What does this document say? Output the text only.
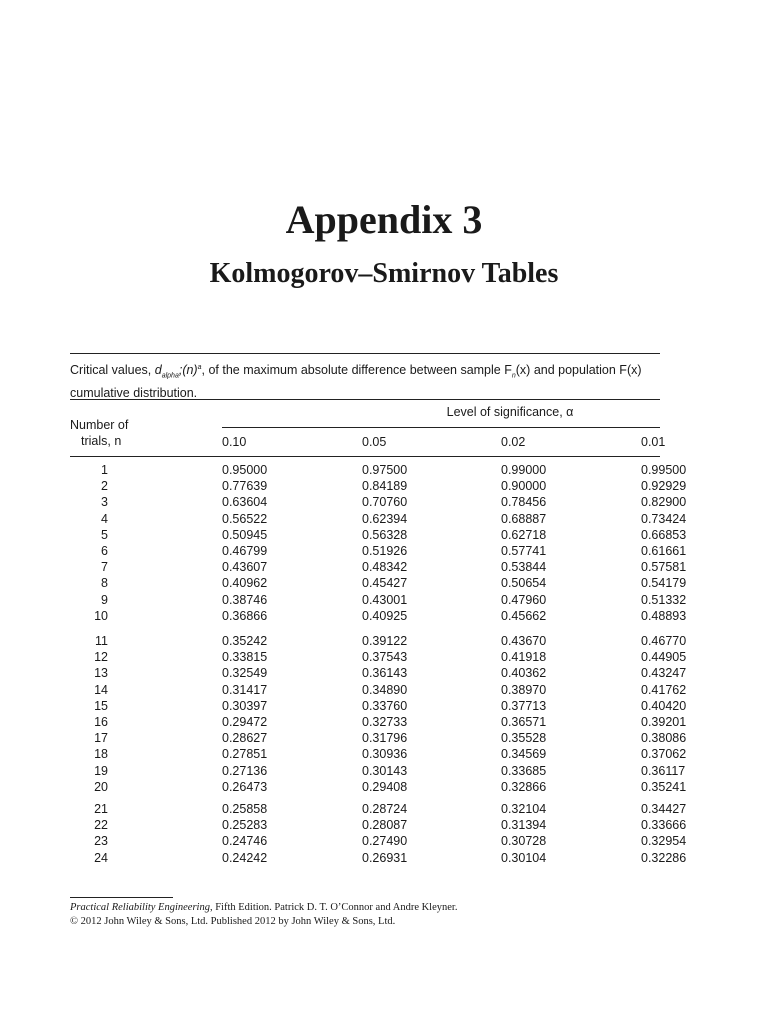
Appendix 3
Kolmogorov–Smirnov Tables
Critical values, $d_{alpha};(n)^a$, of the maximum absolute difference between sample $F_n(x)$ and population F(x)
cumulative distribution.
Level of significance, α
Number of
trials, n	0.10	0.05	0.02	0.01
1	0.95000	0.97500	0.99000	0.99500
2	0.77639	0.84189	0.90000	0.92929
3	0.63604	0.70760	0.78456	0.82900
4	0.56522	0.62394	0.68887	0.73424
5	0.50945	0.56328	0.62718	0.66853
6	0.46799	0.51926	0.57741	0.61661
7	0.43607	0.48342	0.53844	0.57581
8	0.40962	0.45427	0.50654	0.54179
9	0.38746	0.43001	0.47960	0.51332
10	0.36866	0.40925	0.45662	0.48893
11	0.35242	0.39122	0.43670	0.46770
12	0.33815	0.37543	0.41918	0.44905
13	0.32549	0.36143	0.40362	0.43247
14	0.31417	0.34890	0.38970	0.41762
15	0.30397	0.33760	0.37713	0.40420
16	0.29472	0.32733	0.36571	0.39201
17	0.28627	0.31796	0.35528	0.38086
18	0.27851	0.30936	0.34569	0.37062
19	0.27136	0.30143	0.33685	0.36117
20	0.26473	0.29408	0.32866	0.35241
21	0.25858	0.28724	0.32104	0.34427
22	0.25283	0.28087	0.31394	0.33666
23	0.24746	0.27490	0.30728	0.32954
24	0.24242	0.26931	0.30104	0.32286
Practical Reliability Engineering, Fifth Edition. Patrick D. T. O’Connor and Andre Kleyner.
© 2012 John Wiley & Sons, Ltd. Published 2012 by John Wiley & Sons, Ltd.
